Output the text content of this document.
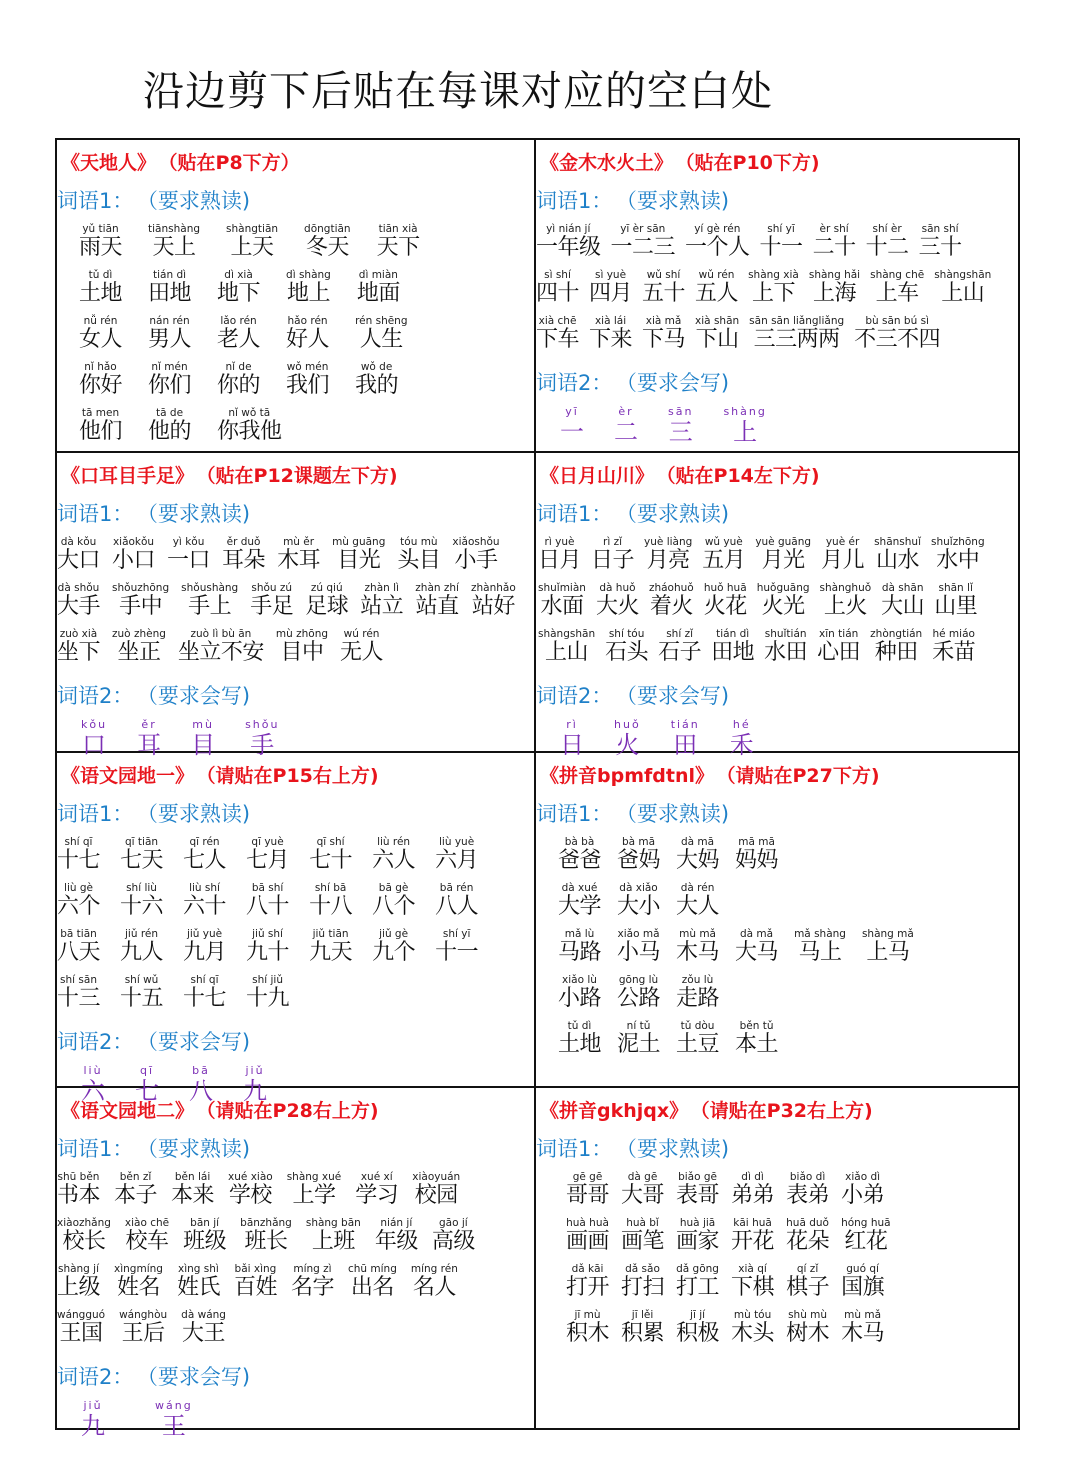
沿边剪下后贴在每课对应的空白处
《天地人》 （贴在P8下方）
词语1： （要求熟读)
yǔ tiān
雨天
tiānshàng
天上
shàngtiān
上天
dōngtiān
冬天
tiān xià
天下
tǔ dì
土地
tián dì
田地
dì xià
地下
dì shàng
地上
dì miàn
地面
nǚ rén
女人
nán rén
男人
lǎo rén
老人
hǎo rén
好人
rén shēng
人生
nǐ hǎo
你好
nǐ mén
你们
nǐ de
你的
wǒ mén
我们
wǒ de
我的
tā men
他们
tā de
他的
nǐ wǒ tā
你我他
《金木水火土》 （贴在P10下方)
词语1： （要求熟读)
yì nián jí
一年级
yī èr sān
一二三
yí gè rén
一个人
shí yī
十一
èr shí
二十
shí èr
十二
sān shí
三十
sì shí
四十
sì yuè
四月
wǔ shí
五十
wǔ rén
五人
shàng xià
上下
shàng hǎi
上海
shàng chē
上车
shàngshān
上山
xià chē
下车
xià lái
下来
xià mǎ
下马
xià shān
下山
sān sān liǎngliǎng
三三两两
bù sān bú sì
不三不四
词语2： （要求会写)
yī
一
èr
二
sān
三
shàng
上
《口耳目手足》 （贴在P12课题左下方)
词语1： （要求熟读)
dà kǒu
大口
xiǎokǒu
小口
yì kǒu
一口
ěr duǒ
耳朵
mù ěr
木耳
mù guāng
目光
tóu mù
头目
xiǎoshǒu
小手
dà shǒu
大手
shǒuzhōng
手中
shǒushàng
手上
shǒu zú
手足
zú qiú
足球
zhàn lì
站立
zhàn zhí
站直
zhànhǎo
站好
zuò xià
坐下
zuò zhèng
坐正
zuò lì bù ān
坐立不安
mù zhōng
目中
wú rén
无人
词语2： （要求会写)
kǒu
口
ěr
耳
mù
目
shǒu
手
《日月山川》 （贴在P14左下方)
词语1： （要求熟读)
rì yuè
日月
rì zǐ
日子
yuè liàng
月亮
wǔ yuè
五月
yuè guāng
月光
yuè ér
月儿
shānshuǐ
山水
shuǐzhōng
水中
shuǐmiàn
水面
dà huǒ
大火
zháohuǒ
着火
huǒ huā
火花
huǒguāng
火光
shànghuǒ
上火
dà shān
大山
shān lǐ
山里
shàngshān
上山
shí tóu
石头
shí zǐ
石子
tián dì
田地
shuǐtián
水田
xīn tián
心田
zhòngtián
种田
hé miáo
禾苗
词语2： （要求会写)
rì
日
huǒ
火
tián
田
hé
禾
《语文园地一》 （请贴在P15右上方)
词语1： （要求熟读)
shí qī
十七
qī tiān
七天
qī rén
七人
qī yuè
七月
qī shí
七十
liù rén
六人
liù yuè
六月
liù gè
六个
shí liù
十六
liù shí
六十
bā shí
八十
shí bā
十八
bā gè
八个
bā rén
八人
bā tiān
八天
jiǔ rén
九人
jiǔ yuè
九月
jiǔ shí
九十
jiǔ tiān
九天
jiǔ gè
九个
shí yī
十一
shí sān
十三
shí wǔ
十五
shí qī
十七
shí jiǔ
十九
词语2： （要求会写)
liù
六
qī
七
bā
八
jiǔ
九
《拼音bpmfdtnl》 （请贴在P27下方)
词语1： （要求熟读)
bà bà
爸爸
bà mā
爸妈
dà mā
大妈
mā mā
妈妈
dà xué
大学
dà xiǎo
大小
dà rén
大人
mǎ lù
马路
xiǎo mǎ
小马
mù mǎ
木马
dà mǎ
大马
mǎ shàng
马上
shàng mǎ
上马
xiǎo lù
小路
gōng lù
公路
zǒu lù
走路
tǔ dì
土地
ní tǔ
泥土
tǔ dòu
土豆
běn tǔ
本土
《语文园地二》 （请贴在P28右上方)
词语1： （要求熟读)
shū běn
书本
běn zǐ
本子
běn lái
本来
xué xiào
学校
shàng xué
上学
xué xí
学习
xiàoyuán
校园
xiàozhǎng
校长
xiào chē
校车
bān jí
班级
bānzhǎng
班长
shàng bān
上班
nián jí
年级
gāo jí
高级
shàng jí
上级
xìngmíng
姓名
xìng shì
姓氏
bǎi xìng
百姓
míng zì
名字
chū míng
出名
míng rén
名人
wángguó
王国
wánghòu
王后
dà wáng
大王
词语2： （要求会写)
jiǔ
九
wáng
王
《拼音gkhjqx》 （请贴在P32右上方)
词语1： （要求熟读)
gē gē
哥哥
dà gē
大哥
biǎo gē
表哥
dì dì
弟弟
biǎo dì
表弟
xiǎo dì
小弟
huà huà
画画
huà bǐ
画笔
huà jiā
画家
kāi huā
开花
huā duǒ
花朵
hóng huā
红花
dǎ kāi
打开
dǎ sǎo
打扫
dǎ gōng
打工
xià qí
下棋
qí zǐ
棋子
guó qí
国旗
jī mù
积木
jī lěi
积累
jī jí
积极
mù tóu
木头
shù mù
树木
mù mǎ
木马
